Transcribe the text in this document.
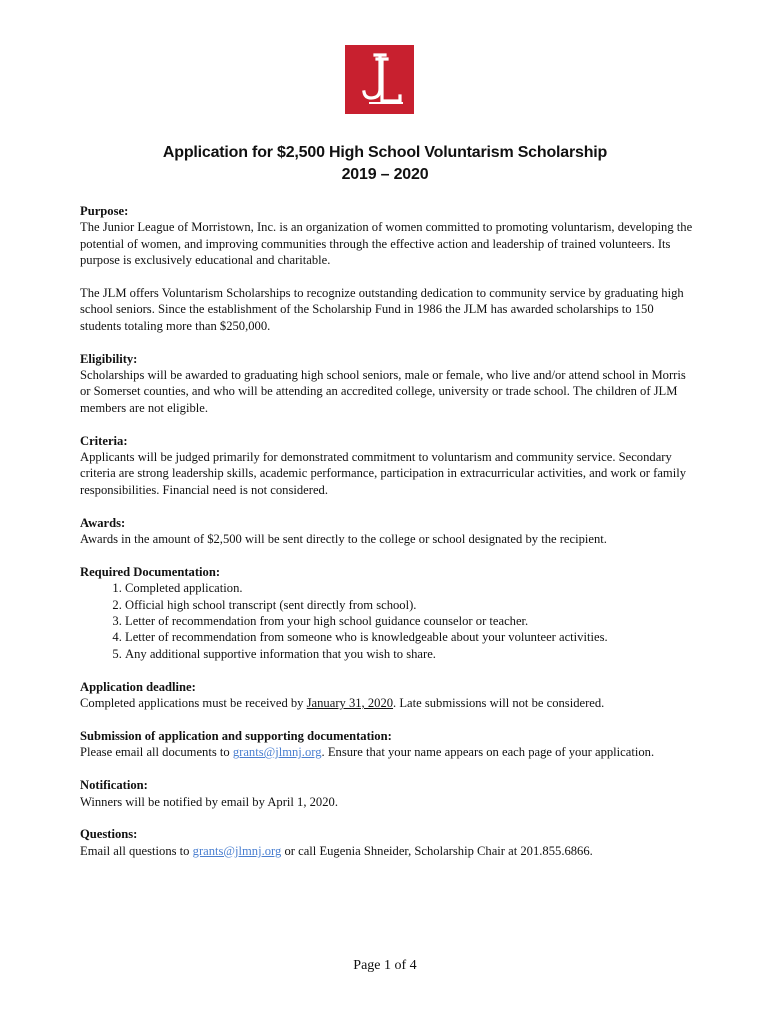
Application for $2,500 High School Voluntarism Scholarship
2019 – 2020
Purpose:
The Junior League of Morristown, Inc. is an organization of women committed to promoting voluntarism, developing the potential of women, and improving communities through the effective action and leadership of trained volunteers. Its purpose is exclusively educational and charitable.
The JLM offers Voluntarism Scholarships to recognize outstanding dedication to community service by graduating high school seniors. Since the establishment of the Scholarship Fund in 1986 the JLM has awarded scholarships to 150 students totaling more than $250,000.
Eligibility:
Scholarships will be awarded to graduating high school seniors, male or female, who live and/or attend school in Morris or Somerset counties, and who will be attending an accredited college, university or trade school. The children of JLM members are not eligible.
Criteria:
Applicants will be judged primarily for demonstrated commitment to voluntarism and community service. Secondary criteria are strong leadership skills, academic performance, participation in extracurricular activities, and work or family responsibilities. Financial need is not considered.
Awards:
Awards in the amount of $2,500 will be sent directly to the college or school designated by the recipient.
Required Documentation:
1. Completed application.
2. Official high school transcript (sent directly from school).
3. Letter of recommendation from your high school guidance counselor or teacher.
4. Letter of recommendation from someone who is knowledgeable about your volunteer activities.
5. Any additional supportive information that you wish to share.
Application deadline:
Completed applications must be received by January 31, 2020. Late submissions will not be considered.
Submission of application and supporting documentation:
Please email all documents to grants@jlmnj.org. Ensure that your name appears on each page of your application.
Notification:
Winners will be notified by email by April 1, 2020.
Questions:
Email all questions to grants@jlmnj.org or call Eugenia Shneider, Scholarship Chair at 201.855.6866.
Page 1 of 4
